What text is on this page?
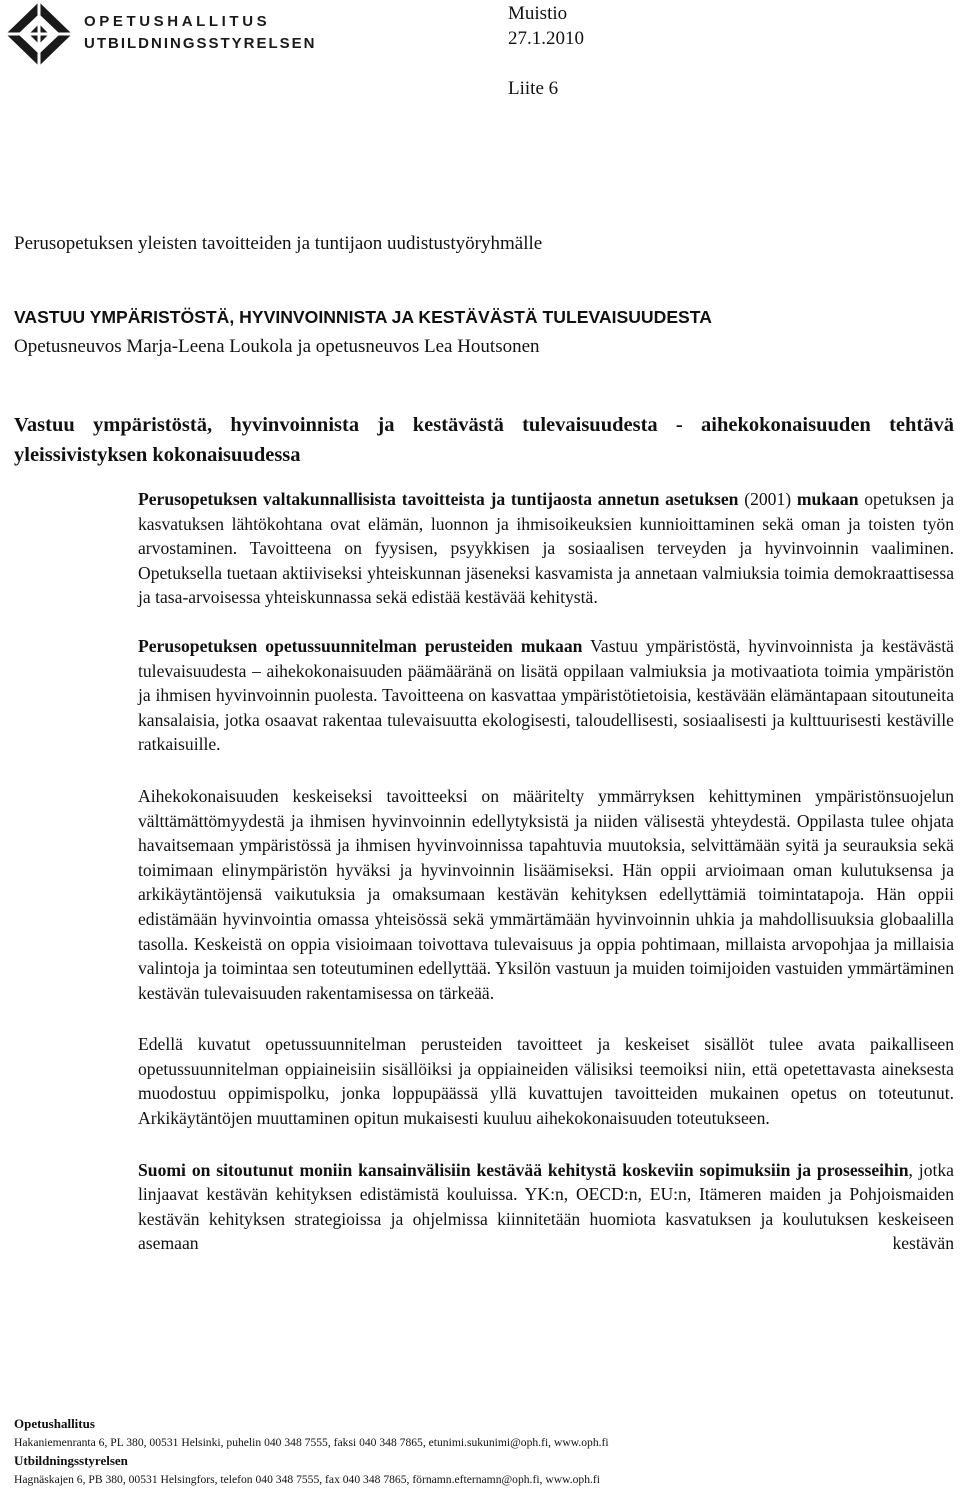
OPETUSHALLITUS
UTBILDNINGSSTYRELSEN
Muistio
27.1.2010
Liite 6
Perusopetuksen yleisten tavoitteiden ja tuntijaon uudistustyöryhmälle
VASTUU YMPÄRISTÖSTÄ, HYVINVOINNISTA JA KESTÄVÄSTÄ TULEVAISUUDESTA
Opetusneuvos Marja-Leena Loukola ja opetusneuvos Lea Houtsonen
Vastuu ympäristöstä, hyvinvoinnista ja kestävästä tulevaisuudesta - aihekokonaisuuden tehtävä yleissivistyksen kokonaisuudessa

Perusopetuksen valtakunnallisista tavoitteista ja tuntijaosta annetun asetuksen (2001) mukaan opetuksen ja kasvatuksen lähtökohtana ovat elämän, luonnon ja ihmisoikeuksien kunnioittaminen sekä oman ja toisten työn arvostaminen. Tavoitteena on fyysisen, psyykkisen ja sosiaalisen terveyden ja hyvinvoinnin vaaliminen. Opetuksella tuetaan aktiiviseksi yhteiskunnan jäseneksi kasvamista ja annetaan valmiuksia toimia demokraattisessa ja tasa-arvoisessa yhteiskunnassa sekä edistää kestävää kehitystä.

Perusopetuksen opetussuunnitelman perusteiden mukaan Vastuu ympäristöstä, hyvinvoinnista ja kestävästä tulevaisuudesta – aihekokonaisuuden päämääränä on lisätä oppilaan valmiuksia ja motivaatiota toimia ympäristön ja ihmisen hyvinvoinnin puolesta. Tavoitteena on kasvattaa ympäristötietoisia, kestävään elämäntapaan sitoutuneita kansalaisia, jotka osaavat rakentaa tulevaisuutta ekologisesti, taloudellisesti, sosiaalisesti ja kulttuurisesti kestäville ratkaisuille.

Aihekokonaisuuden keskeiseksi tavoitteeksi on määritelty ymmärryksen kehittyminen ympäristönsuojelun välttämättömyydestä ja ihmisen hyvinvoinnin edellytyksistä ja niiden välisestä yhteydestä. Oppilasta tulee ohjata havaitsemaan ympäristössä ja ihmisen hyvinvoinnissa tapahtuvia muutoksia, selvittämään syitä ja seurauksia sekä toimimaan elinympäristön hyväksi ja hyvinvoinnin lisäämiseksi. Hän oppii arvioimaan oman kulutuksensa ja arkikäytäntöjensä vaikutuksia ja omaksumaan kestävän kehityksen edellyttämiä toimintatapoja. Hän oppii edistämään hyvinvointia omassa yhteisössä sekä ymmärtämään hyvinvoinnin uhkia ja mahdollisuuksia globaalilla tasolla. Keskeistä on oppia visioimaan toivottava tulevaisuus ja oppia pohtimaan, millaista arvopohjaa ja millaisia valintoja ja toimintaa sen toteutuminen edellyttää. Yksilön vastuun ja muiden toimijoiden vastuiden ymmärtäminen kestävän tulevaisuuden rakentamisessa on tärkeää.

Edellä kuvatut opetussuunnitelman perusteiden tavoitteet ja keskeiset sisällöt tulee avata paikalliseen opetussuunnitelman oppiaineisiin sisällöiksi ja oppiaineiden välisiksi teemoiksi niin, että opetettavasta aineksesta muodostuu oppimispolku, jonka loppupäässä yllä kuvattujen tavoitteiden mukainen opetus on toteutunut. Arkikäytäntöjen muuttaminen opitun mukaisesti kuuluu aihekokonaisuuden toteutukseen.

Suomi on sitoutunut moniin kansainvälisiin kestävää kehitystä koskeviin sopimuksiin ja prosesseihin, jotka linjaavat kestävän kehityksen edistämistä kouluissa. YK:n, OECD:n, EU:n, Itämeren maiden ja Pohjoismaiden kestävän kehityksen strategioissa ja ohjelmissa kiinnitetään huomiota kasvatuksen ja koulutuksen keskeiseen asemaan kestävän

Opetushallitus
Hakaniemenranta 6, PL 380, 00531 Helsinki, puhelin 040 348 7555, faksi 040 348 7865, etunimi.sukunimi@oph.fi, www.oph.fi
Utbildningsstyrelsen
Hagnäskajen 6, PB 380, 00531 Helsingfors, telefon 040 348 7555, fax 040 348 7865, förnamn.efternamn@oph.fi, www.oph.fi
